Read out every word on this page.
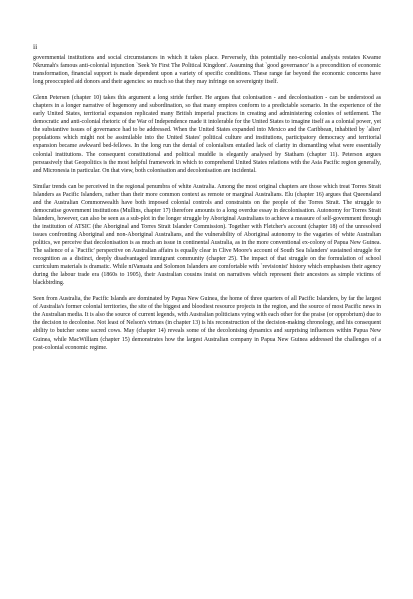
ii

governmental institutions and social circumstances in which it takes place. Perversely, this potentially neo-colonial analysis restates Kwame Nkrumah's famous anti-colonial injunction `Seek Ye First The Political Kingdom'. Assuming that `good governance' is a precondition of economic transformation, financial support is made dependent upon a variety of specific conditions. These range far beyond the economic concerns have long preoccupied aid donors and their agencies: so much so that they may infringe on sovereignty itself.

Glenn Petersen (chapter 10) takes this argument a long stride further. He argues that colonisation - and decolonisation - can be understood as chapters in a longer narrative of hegemony and subordination, so that many empires conform to a predictable scenario. In the experience of the early United States, territorial expansion replicated many British imperial practices in creating and administering colonies of settlement. The democratic and anti-colonial rhetoric of the War of Independence made it intolerable for the United States to imagine itself as a colonial power, yet the substantive issues of governance had to be addressed. When the United States expanded into Mexico and the Caribbean, inhabited by `alien' populations which might not be assimilable into the United States' political culture and institutions, participatory democracy and territorial expansion became awkward bed-fellows. In the long run the denial of colonialism entailed lack of clarity in dismantling what were essentially colonial institutions. The consequent constitutional and political muddle is elegantly analysed by Statham (chapter 11). Peterson argues persuasively that Geopolitics is the most helpful framework in which to comprehend United States relations with the Asia Pacific region generally, and Micronesia in particular. On that view, both colonisation and decolonisation are incidental.

Similar trends can be perceived in the regional penumbra of white Australia. Among the most original chapters are those which treat Torres Strait Islanders as Pacific Islanders, rather than their more common context as remote or marginal Australians. Elu (chapter 16) argues that Queensland and the Australian Commonwealth have both imposed colonial controls and constraints on the people of the Torres Strait. The struggle to democratise government institutions (Mullins, chapter 17) therefore amounts to a long overdue essay in decolonisation. Autonomy for Torres Strait Islanders, however, can also be seen as a sub-plot in the longer struggle by Aboriginal Australians to achieve a measure of self-government through the institution of ATSIC (the Aboriginal and Torres Strait Islander Commission). Together with Fletcher's account (chapter 18) of the unresolved issues confronting Aboriginal and non-Aboriginal Australians, and the vulnerability of Aboriginal autonomy to the vagaries of white Australian politics, we perceive that decolonisation is as much an issue in continental Australia, as in the more conventional ex-colony of Papua New Guinea. The salience of a `Pacific' perspective on Australian affairs is equally clear in Clive Moore's account of South Sea Islanders' sustained struggle for recognition as a distinct, deeply disadvantaged immigrant community (chapter 25). The impact of that struggle on the formulation of school curriculum materials is dramatic. While niVanuatu and Solomon Islanders are comfortable with `revisionist' history which emphasises their agency during the labour trade era (1860s to 1905), their Australian cousins insist on narratives which represent their ancestors as simple victims of blackbirding.

Seen from Australia, the Pacific Islands are dominated by Papua New Guinea, the home of three quarters of all Pacific Islanders, by far the largest of Australia's former colonial territories, the site of the biggest and bloodiest resource projects in the region, and the source of most Pacific news in the Australian media. It is also the source of current legends, with Australian politicians vying with each other for the praise (or opprobrium) due to the decision to decolonise. Not least of Nelson's virtues (in chapter 13) is his reconstruction of the decision-making chronology, and his consequent ability to butcher some sacred cows. May (chapter 14) reveals some of the decolonising dynamics and surprising influences within Papua New Guinea, while MacWilliam (chapter 15) demonstrates how the largest Australian company in Papua New Guinea addressed the challenges of a post-colonial economic regime.
